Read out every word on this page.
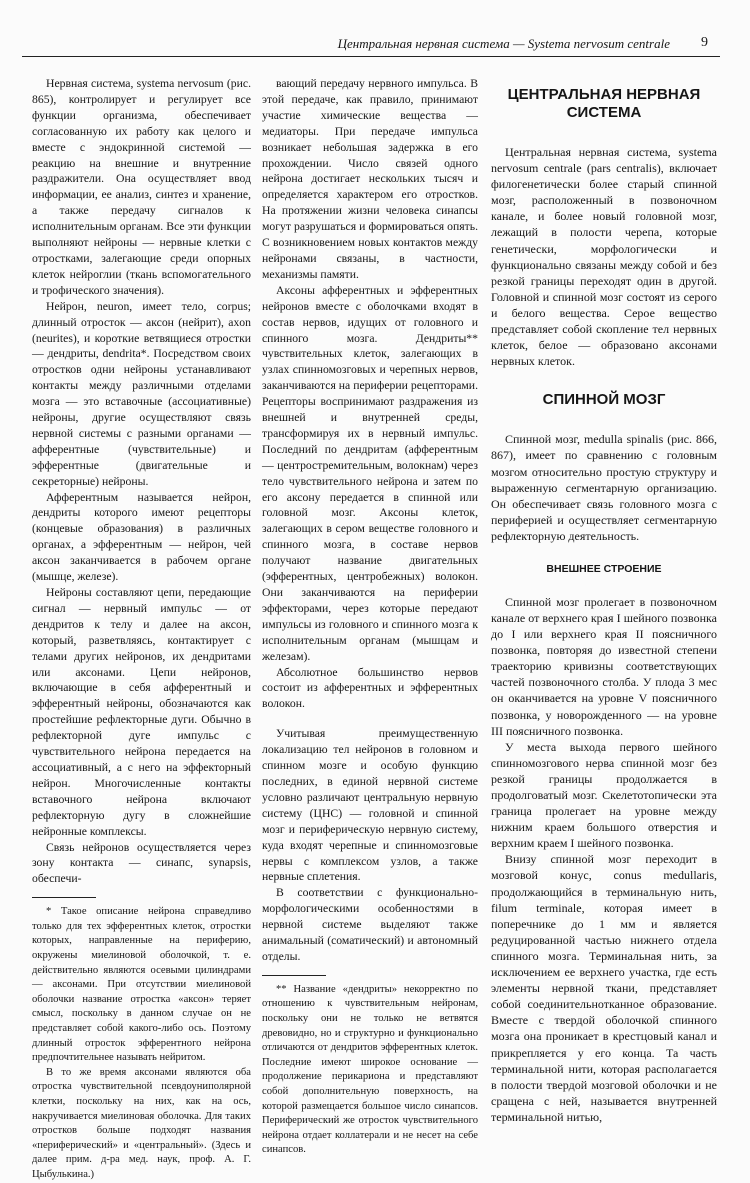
Центральная нервная система — Systema nervosum centrale 9

Нервная система, systema nervosum (рис. 865), контролирует и регулирует все функции организма, обеспечивает согласованную их работу как целого и вместе с эндокринной системой — реакцию на внешние и внутренние раздражители. Она осуществляет ввод информации, ее анализ, синтез и хранение, а также передачу сигналов к исполнительным органам. Все эти функции выполняют нейроны — нервные клетки с отростками, залегающие среди опорных клеток нейроглии (ткань вспомогательного и трофического значения).

Нейрон, neuron, имеет тело, corpus; длинный отросток — аксон (нейрит), axon (neurites), и короткие ветвящиеся отростки — дендриты, dendrita*. Посредством своих отростков одни нейроны устанавливают контакты между различными отделами мозга — это вставочные (ассоциативные) нейроны, другие осуществляют связь нервной системы с разными органами — афферентные (чувствительные) и эфферентные (двигательные и секреторные) нейроны.

Афферентным называется нейрон, дендриты которого имеют рецепторы (концевые образования) в различных органах, а эфферентным — нейрон, чей аксон заканчивается в рабочем органе (мышце, железе).

Нейроны составляют цепи, передающие сигнал — нервный импульс — от дендритов к телу и далее на аксон, который, разветвляясь, контактирует с телами других нейронов, их дендритами или аксонами. Цепи нейронов, включающие в себя афферентный и эфферентный нейроны, обозначаются как простейшие рефлекторные дуги. Обычно в рефлекторной дуге импульс с чувствительного нейрона передается на ассоциативный, а с него на эффекторный нейрон. Многочисленные контакты вставочного нейрона включают рефлекторную дугу в сложнейшие нейронные комплексы.

Связь нейронов осуществляется через зону контакта — синапс, synapsis, обеспечи-

* Такое описание нейрона справедливо только для тех эфферентных клеток, отростки которых, направленные на периферию, окружены миелиновой оболочкой, т. е. действительно являются осевыми цилиндрами — аксонами. При отсутствии миелиновой оболочки название отростка «аксон» теряет смысл, поскольку в данном случае он не представляет собой какого-либо ось. Поэтому длинный отросток эфферентного нейрона предпочтительнее называть нейритом.

В то же время аксонами являются оба отростка чувствительной псевдоуниполярной клетки, поскольку на них, как на ось, накручивается миелиновая оболочка. Для таких отростков больше подходят названия «периферический» и «центральный». (Здесь и далее прим. д-ра мед. наук, проф. А. Г. Цыбулькина.)

вающий передачу нервного импульса. В этой передаче, как правило, принимают участие химические вещества — медиаторы. При передаче импульса возникает небольшая задержка в его прохождении. Число связей одного нейрона достигает нескольких тысяч и определяется характером его отростков. На протяжении жизни человека синапсы могут разрушаться и формироваться опять. С возникновением новых контактов между нейронами связаны, в частности, механизмы памяти.

Аксоны афферентных и эфферентных нейронов вместе с оболочками входят в состав нервов, идущих от головного и спинного мозга. Дендриты** чувствительных клеток, залегающих в узлах спинномозговых и черепных нервов, заканчиваются на периферии рецепторами. Рецепторы воспринимают раздражения из внешней и внутренней среды, трансформируя их в нервный импульс. Последний по дендритам (афферентным — центростремительным, волокнам) через тело чувствительного нейрона и затем по его аксону передается в спинной или головной мозг. Аксоны клеток, залегающих в сером веществе головного и спинного мозга, в составе нервов получают название двигательных (эфферентных, центробежных) волокон. Они заканчиваются на периферии эффекторами, через которые передают импульсы из головного и спинного мозга к исполнительным органам (мышцам и железам).

Абсолютное большинство нервов состоит из афферентных и эфферентных волокон.

Учитывая преимущественную локализацию тел нейронов в головном и спинном мозге и особую функцию последних, в единой нервной системе условно различают центральную нервную систему (ЦНС) — головной и спинной мозг и периферическую нервную систему, куда входят черепные и спинномозговые нервы с комплексом узлов, а также нервные сплетения.

В соответствии с функционально-морфологическими особенностями в нервной системе выделяют также анимальный (соматический) и автономный отделы.

** Название «дендриты» некорректно по отношению к чувствительным нейронам, поскольку они не только не ветвятся древовидно, но и структурно и функционально отличаются от дендритов эфферентных клеток. Последние имеют широкое основание — продолжение перикариона и представляют собой дополнительную поверхность, на которой размещается большое число синапсов. Периферический же отросток чувствительного нейрона отдает коллатерали и не несет на себе синапсов.

ЦЕНТРАЛЬНАЯ НЕРВНАЯ СИСТЕМА

Центральная нервная система, systema nervosum centrale (pars centralis), включает филогенетически более старый спинной мозг, расположенный в позвоночном канале, и более новый головной мозг, лежащий в полости черепа, которые генетически, морфологически и функционально связаны между собой и без резкой границы переходят один в другой. Головной и спинной мозг состоят из серого и белого вещества. Серое вещество представляет собой скопление тел нервных клеток, белое — образовано аксонами нервных клеток.

СПИННОЙ МОЗГ

Спинной мозг, medulla spinalis (рис. 866, 867), имеет по сравнению с головным мозгом относительно простую структуру и выраженную сегментарную организацию. Он обеспечивает связь головного мозга с периферией и осуществляет сегментарную рефлекторную деятельность.

ВНЕШНЕЕ СТРОЕНИЕ

Спинной мозг пролегает в позвоночном канале от верхнего края I шейного позвонка до I или верхнего края II поясничного позвонка, повторяя до известной степени траекторию кривизны соответствующих частей позвоночного столба. У плода 3 мес он оканчивается на уровне V поясничного позвонка, у новорожденного — на уровне III поясничного позвонка.

У места выхода первого шейного спинномозгового нерва спинной мозг без резкой границы продолжается в продолговатый мозг. Скелетотопически эта граница пролегает на уровне между нижним краем большого отверстия и верхним краем I шейного позвонка.

Внизу спинной мозг переходит в мозговой конус, conus medullaris, продолжающийся в терминальную нить, filum terminale, которая имеет в поперечнике до 1 мм и является редуцированной частью нижнего отдела спинного мозга. Терминальная нить, за исключением ее верхнего участка, где есть элементы нервной ткани, представляет собой соединительнотканное образование. Вместе с твердой оболочкой спинного мозга она проникает в крестцовый канал и прикрепляется у его конца. Та часть терминальной нити, которая располагается в полости твердой мозговой оболочки и не сращена с ней, называется внутренней терминальной нитью,
